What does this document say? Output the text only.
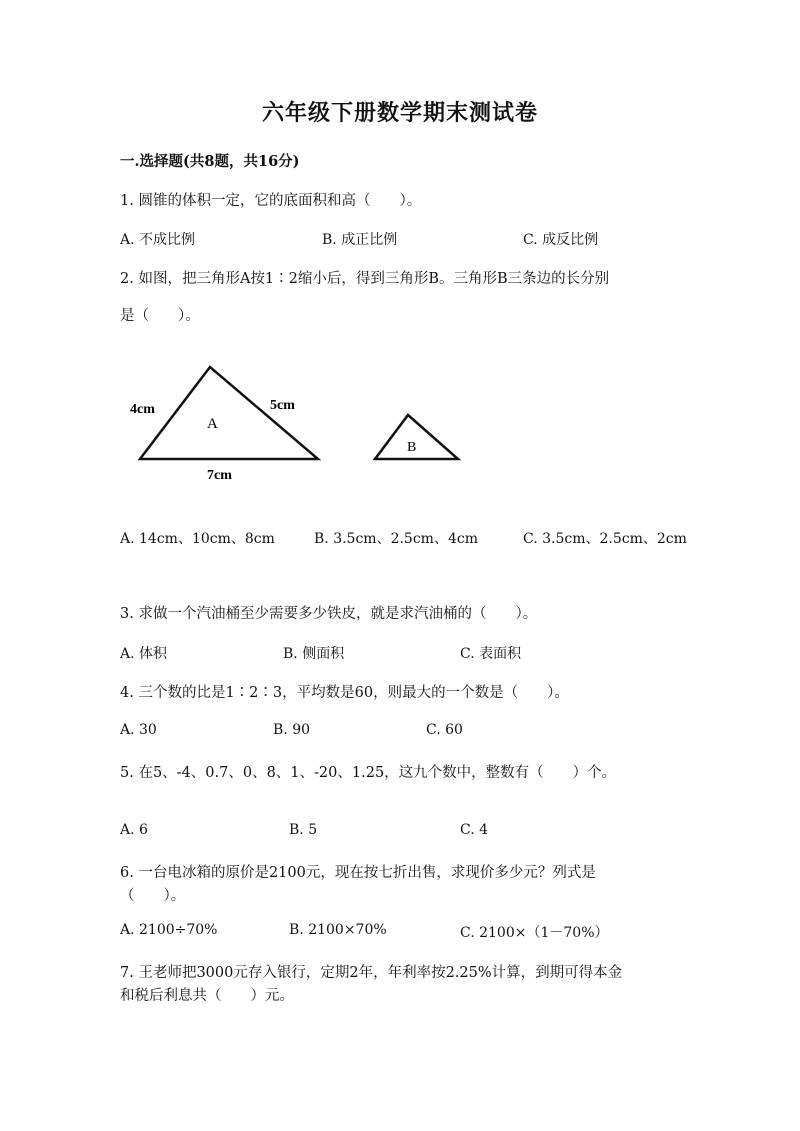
六年级下册数学期末测试卷
一.选择题(共8题，共16分)
1. 圆锥的体积一定，它的底面积和高（　　）。
A. 不成比例	B. 成正比例	C. 成反比例
2. 如图，把三角形A按1∶2缩小后，得到三角形B。三角形B三条边的长分别
是（　　）。
4cm	5cm
7cm
A
B
A. 14cm、10cm、8cm	B. 3.5cm、2.5cm、4cm	C. 3.5cm、2.5cm、2cm
3. 求做一个汽油桶至少需要多少铁皮，就是求汽油桶的（　　）。
A. 体积	B. 侧面积	C. 表面积
4. 三个数的比是1∶2∶3，平均数是60，则最大的一个数是（　　）。
A. 30	B. 90	C. 60
5. 在5、-4、0.7、0、8、1、-20、1.25，这九个数中，整数有（　　）个。
A. 6	B. 5	C. 4
6. 一台电冰箱的原价是2100元，现在按七折出售，求现价多少元？列式是
（　　）。
A. 2100÷70%	B. 2100×70%	C. 2100×（1－70%）
7. 王老师把3000元存入银行，定期2年，年利率按2.25%计算，到期可得本金
和税后利息共（　　）元。
